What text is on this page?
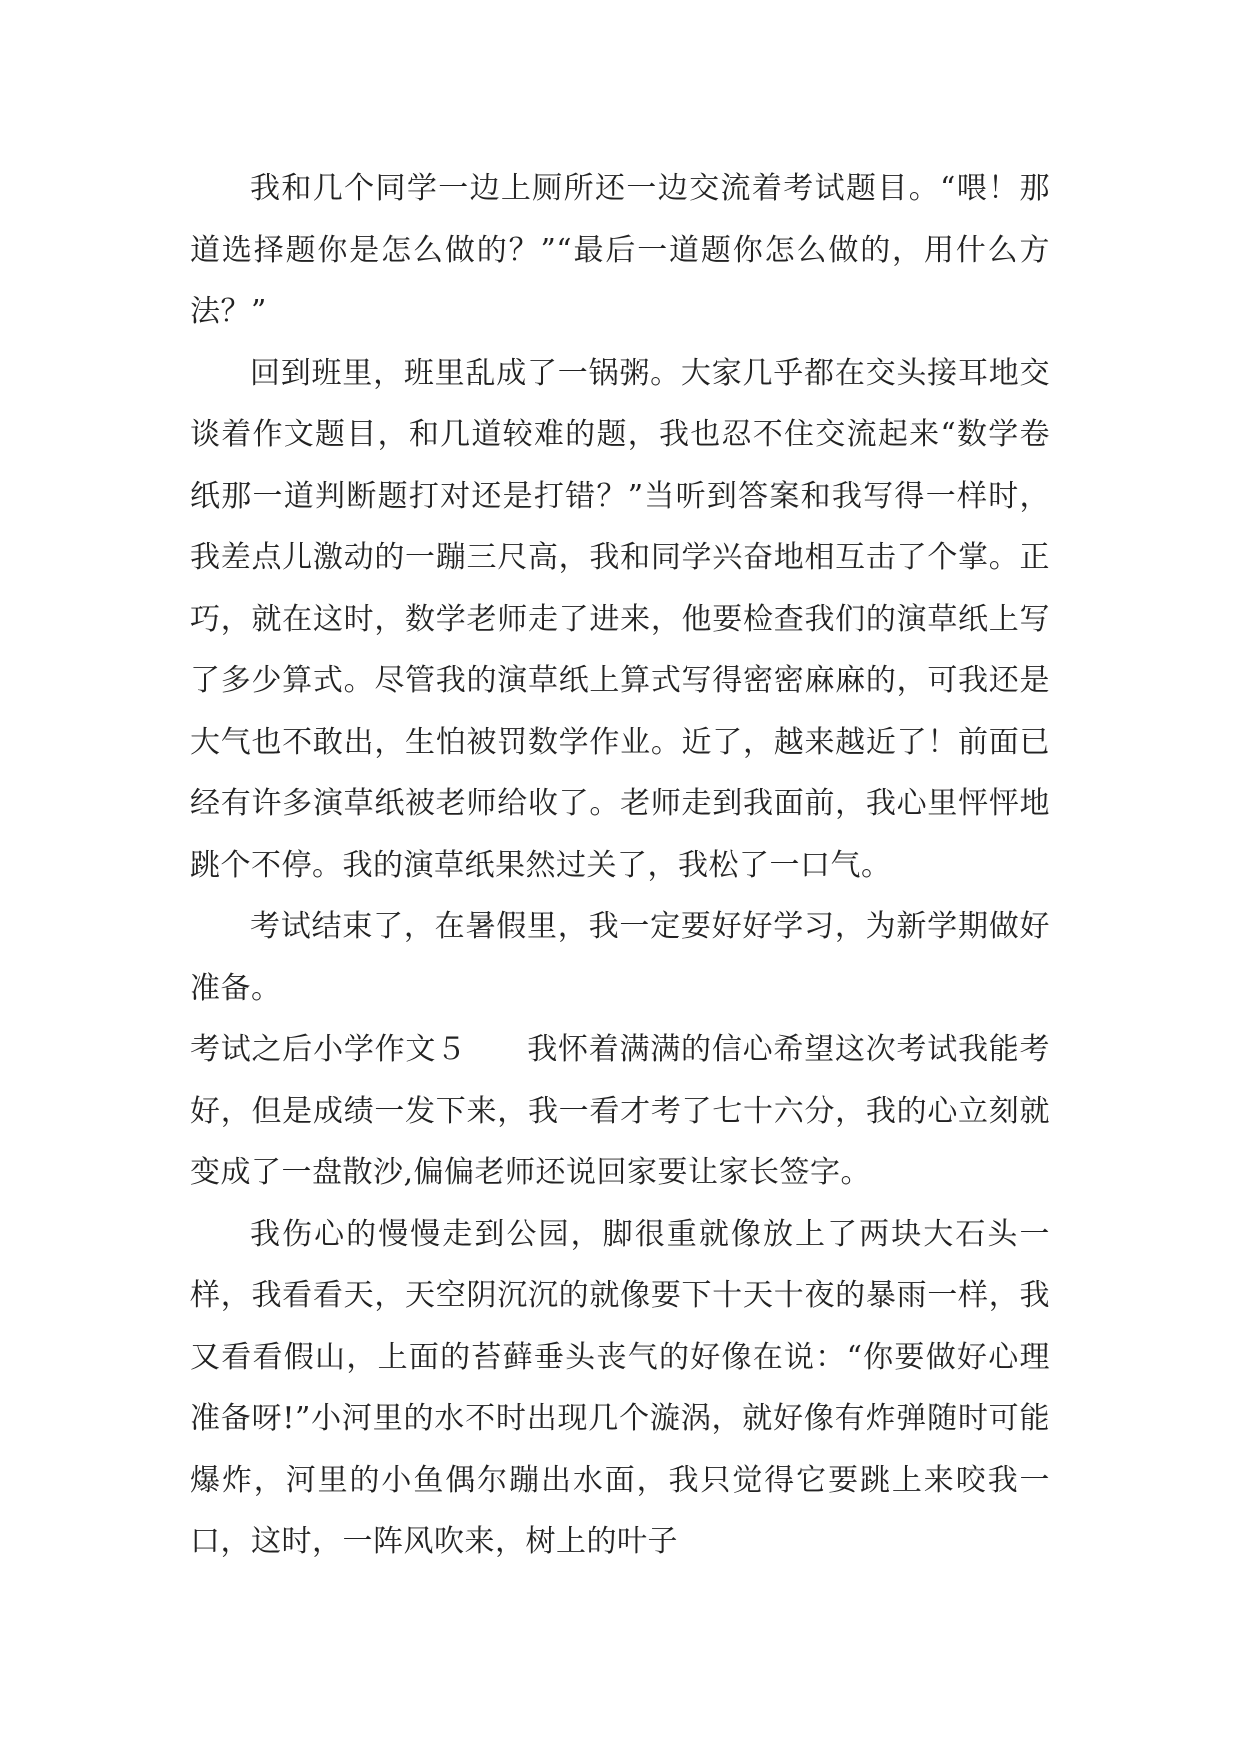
我和几个同学一边上厕所还一边交流着考试题目。“喂！那道选择题你是怎么做的？”“最后一道题你怎么做的，用什么方法？”

回到班里，班里乱成了一锅粥。大家几乎都在交头接耳地交谈着作文题目，和几道较难的题，我也忍不住交流起来“数学卷纸那一道判断题打对还是打错？”当听到答案和我写得一样时，我差点儿激动的一蹦三尺高，我和同学兴奋地相互击了个掌。正巧，就在这时，数学老师走了进来，他要检查我们的演草纸上写了多少算式。尽管我的演草纸上算式写得密密麻麻的，可我还是大气也不敢出，生怕被罚数学作业。近了，越来越近了！前面已经有许多演草纸被老师给收了。老师走到我面前，我心里怦怦地跳个不停。我的演草纸果然过关了，我松了一口气。

考试结束了，在暑假里，我一定要好好学习，为新学期做好准备。

考试之后小学作文５ 我怀着满满的信心希望这次考试我能考好，但是成绩一发下来，我一看才考了七十六分，我的心立刻就变成了一盘散沙,偏偏老师还说回家要让家长签字。

我伤心的慢慢走到公园，脚很重就像放上了两块大石头一样，我看看天，天空阴沉沉的就像要下十天十夜的暴雨一样，我又看看假山，上面的苔藓垂头丧气的好像在说：“你要做好心理准备呀!”小河里的水不时出现几个漩涡，就好像有炸弹随时可能爆炸，河里的小鱼偶尔蹦出水面，我只觉得它要跳上来咬我一口，这时，一阵风吹来，树上的叶子
